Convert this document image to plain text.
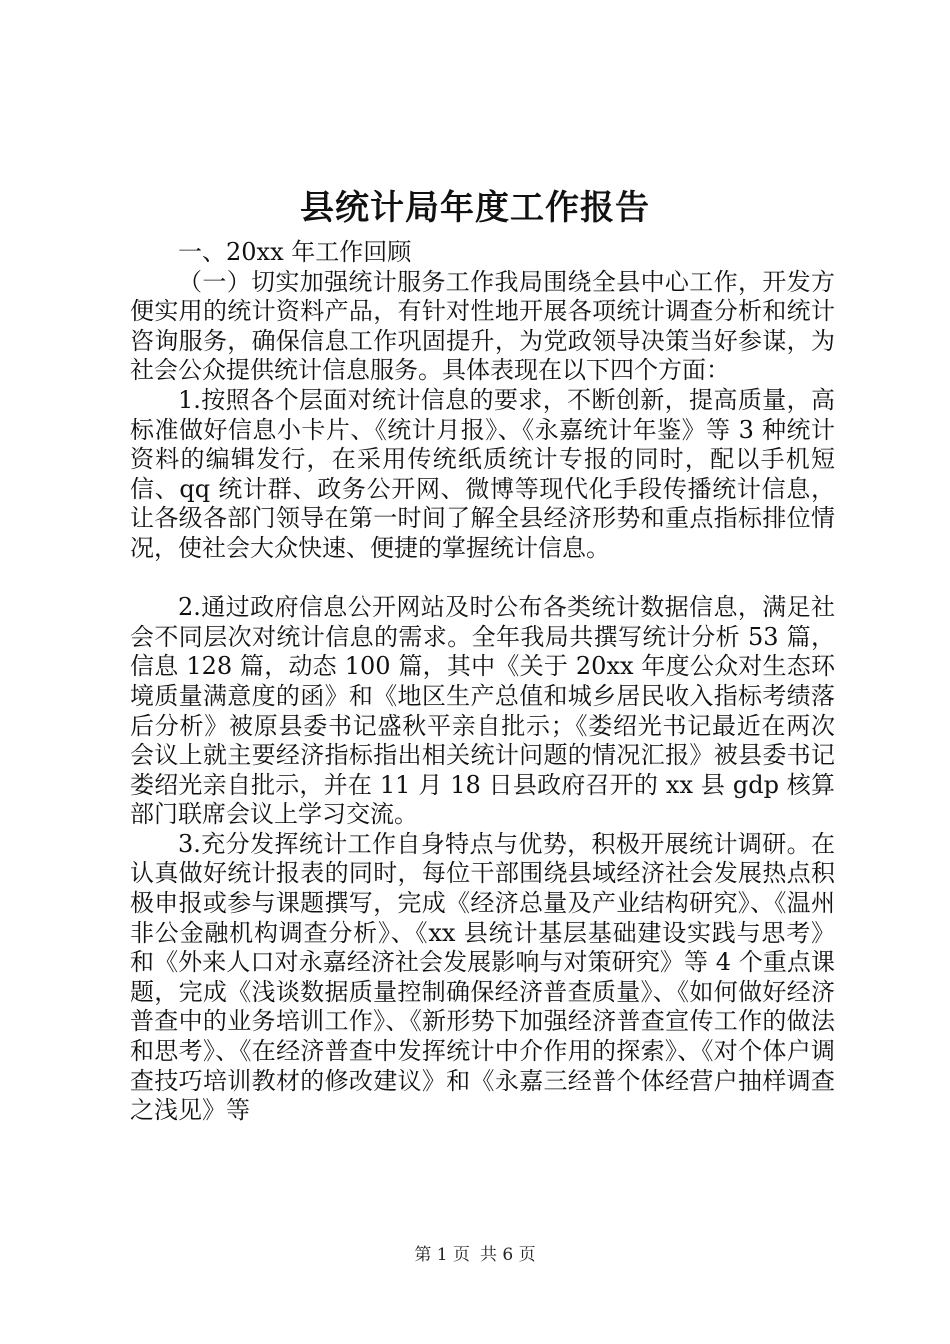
县统计局年度工作报告

一、20xx 年工作回顾

（一）切实加强统计服务工作我局围绕全县中心工作，开发方便实用的统计资料产品，有针对性地开展各项统计调查分析和统计咨询服务，确保信息工作巩固提升，为党政领导决策当好参谋，为社会公众提供统计信息服务。具体表现在以下四个方面：

1.按照各个层面对统计信息的要求，不断创新，提高质量，高标准做好信息小卡片、《统计月报》、《永嘉统计年鉴》等 3 种统计资料的编辑发行，在采用传统纸质统计专报的同时，配以手机短信、qq 统计群、政务公开网、微博等现代化手段传播统计信息，让各级各部门领导在第一时间了解全县经济形势和重点指标排位情况，使社会大众快速、便捷的掌握统计信息。

2.通过政府信息公开网站及时公布各类统计数据信息，满足社会不同层次对统计信息的需求。全年我局共撰写统计分析 53 篇，信息 128 篇，动态 100 篇，其中《关于 20xx 年度公众对生态环境质量满意度的函》和《地区生产总值和城乡居民收入指标考绩落后分析》被原县委书记盛秋平亲自批示；《娄绍光书记最近在两次会议上就主要经济指标指出相关统计问题的情况汇报》被县委书记娄绍光亲自批示，并在 11 月 18 日县政府召开的 xx 县 gdp 核算部门联席会议上学习交流。

3.充分发挥统计工作自身特点与优势，积极开展统计调研。在认真做好统计报表的同时，每位干部围绕县域经济社会发展热点积极申报或参与课题撰写，完成《经济总量及产业结构研究》、《温州非公金融机构调查分析》、《xx 县统计基层基础建设实践与思考》和《外来人口对永嘉经济社会发展影响与对策研究》等 4 个重点课题，完成《浅谈数据质量控制确保经济普查质量》、《如何做好经济普查中的业务培训工作》、《新形势下加强经济普查宣传工作的做法和思考》、《在经济普查中发挥统计中介作用的探索》、《对个体户调查技巧培训教材的修改建议》和《永嘉三经普个体经营户抽样调查之浅见》等

第 1 页 共 6 页
